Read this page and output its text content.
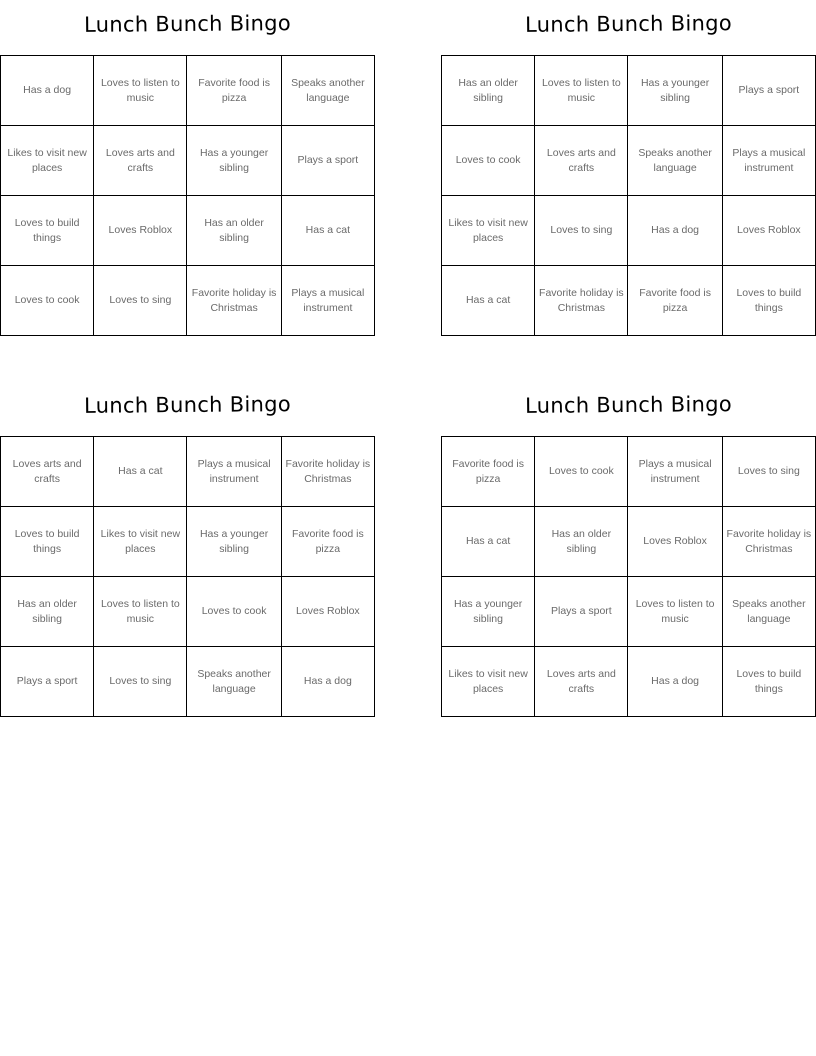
Lunch Bunch Bingo
Has a dog	Loves to listen to music	Favorite food is pizza	Speaks another language
Likes to visit new places	Loves arts and crafts	Has a younger sibling	Plays a sport
Loves to build things	Loves Roblox	Has an older sibling	Has a cat
Loves to cook	Loves to sing	Favorite holiday is Christmas	Plays a musical instrument
Lunch Bunch Bingo
Has an older sibling	Loves to listen to music	Has a younger sibling	Plays a sport
Loves to cook	Loves arts and crafts	Speaks another language	Plays a musical instrument
Likes to visit new places	Loves to sing	Has a dog	Loves Roblox
Has a cat	Favorite holiday is Christmas	Favorite food is pizza	Loves to build things
Lunch Bunch Bingo
Loves arts and crafts	Has a cat	Plays a musical instrument	Favorite holiday is Christmas
Loves to build things	Likes to visit new places	Has a younger sibling	Favorite food is pizza
Has an older sibling	Loves to listen to music	Loves to cook	Loves Roblox
Plays a sport	Loves to sing	Speaks another language	Has a dog
Lunch Bunch Bingo
Favorite food is pizza	Loves to cook	Plays a musical instrument	Loves to sing
Has a cat	Has an older sibling	Loves Roblox	Favorite holiday is Christmas
Has a younger sibling	Plays a sport	Loves to listen to music	Speaks another language
Likes to visit new places	Loves arts and crafts	Has a dog	Loves to build things
